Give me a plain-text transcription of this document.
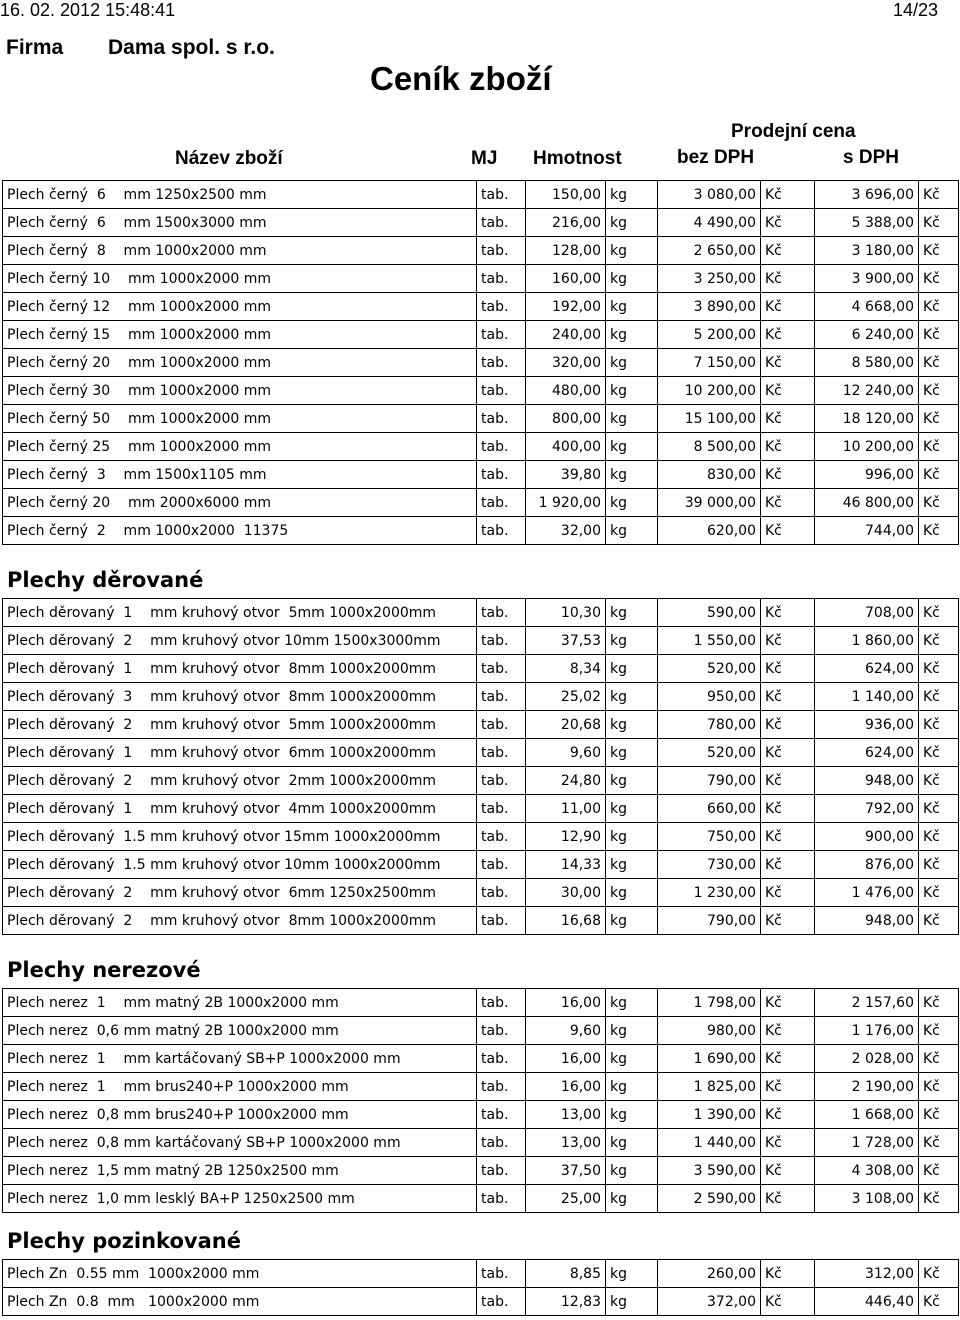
16. 02. 2012 15:48:41	14/23
Firma Dama spol. s r.o.
Ceník zboží
Název zboží	MJ Hmotnost
Prodejní cena
bez DPH	s DPH
Plech černý  6    mm 1250x2500 mm	tab.	150,00	kg	3 080,00	Kč	3 696,00	Kč
Plech černý  6    mm 1500x3000 mm	tab.	216,00	kg	4 490,00	Kč	5 388,00	Kč
Plech černý  8    mm 1000x2000 mm	tab.	128,00	kg	2 650,00	Kč	3 180,00	Kč
Plech černý 10    mm 1000x2000 mm	tab.	160,00	kg	3 250,00	Kč	3 900,00	Kč
Plech černý 12    mm 1000x2000 mm	tab.	192,00	kg	3 890,00	Kč	4 668,00	Kč
Plech černý 15    mm 1000x2000 mm	tab.	240,00	kg	5 200,00	Kč	6 240,00	Kč
Plech černý 20    mm 1000x2000 mm	tab.	320,00	kg	7 150,00	Kč	8 580,00	Kč
Plech černý 30    mm 1000x2000 mm	tab.	480,00	kg	10 200,00	Kč	12 240,00	Kč
Plech černý 50    mm 1000x2000 mm	tab.	800,00	kg	15 100,00	Kč	18 120,00	Kč
Plech černý 25    mm 1000x2000 mm	tab.	400,00	kg	8 500,00	Kč	10 200,00	Kč
Plech černý  3    mm 1500x1105 mm	tab.	39,80	kg	830,00	Kč	996,00	Kč
Plech černý 20    mm 2000x6000 mm	tab.	1 920,00	kg	39 000,00	Kč	46 800,00	Kč
Plech černý  2    mm 1000x2000  11375	tab.	32,00	kg	620,00	Kč	744,00	Kč
Plechy děrované
Plech děrovaný  1    mm kruhový otvor  5mm 1000x2000mm	tab.	10,30	kg	590,00	Kč	708,00	Kč
Plech děrovaný  2    mm kruhový otvor 10mm 1500x3000mm	tab.	37,53	kg	1 550,00	Kč	1 860,00	Kč
Plech děrovaný  1    mm kruhový otvor  8mm 1000x2000mm	tab.	8,34	kg	520,00	Kč	624,00	Kč
Plech děrovaný  3    mm kruhový otvor  8mm 1000x2000mm	tab.	25,02	kg	950,00	Kč	1 140,00	Kč
Plech děrovaný  2    mm kruhový otvor  5mm 1000x2000mm	tab.	20,68	kg	780,00	Kč	936,00	Kč
Plech děrovaný  1    mm kruhový otvor  6mm 1000x2000mm	tab.	9,60	kg	520,00	Kč	624,00	Kč
Plech děrovaný  2    mm kruhový otvor  2mm 1000x2000mm	tab.	24,80	kg	790,00	Kč	948,00	Kč
Plech děrovaný  1    mm kruhový otvor  4mm 1000x2000mm	tab.	11,00	kg	660,00	Kč	792,00	Kč
Plech děrovaný  1.5 mm kruhový otvor 15mm 1000x2000mm	tab.	12,90	kg	750,00	Kč	900,00	Kč
Plech děrovaný  1.5 mm kruhový otvor 10mm 1000x2000mm	tab.	14,33	kg	730,00	Kč	876,00	Kč
Plech děrovaný  2    mm kruhový otvor  6mm 1250x2500mm	tab.	30,00	kg	1 230,00	Kč	1 476,00	Kč
Plech děrovaný  2    mm kruhový otvor  8mm 1000x2000mm	tab.	16,68	kg	790,00	Kč	948,00	Kč
Plechy nerezové
Plech nerez  1    mm matný 2B 1000x2000 mm	tab.	16,00	kg	1 798,00	Kč	2 157,60	Kč
Plech nerez  0,6 mm matný 2B 1000x2000 mm	tab.	9,60	kg	980,00	Kč	1 176,00	Kč
Plech nerez  1    mm kartáčovaný SB+P 1000x2000 mm	tab.	16,00	kg	1 690,00	Kč	2 028,00	Kč
Plech nerez  1    mm brus240+P 1000x2000 mm	tab.	16,00	kg	1 825,00	Kč	2 190,00	Kč
Plech nerez  0,8 mm brus240+P 1000x2000 mm	tab.	13,00	kg	1 390,00	Kč	1 668,00	Kč
Plech nerez  0,8 mm kartáčovaný SB+P 1000x2000 mm	tab.	13,00	kg	1 440,00	Kč	1 728,00	Kč
Plech nerez  1,5 mm matný 2B 1250x2500 mm	tab.	37,50	kg	3 590,00	Kč	4 308,00	Kč
Plech nerez  1,0 mm lesklý BA+P 1250x2500 mm	tab.	25,00	kg	2 590,00	Kč	3 108,00	Kč
Plechy pozinkované
Plech Zn  0.55 mm  1000x2000 mm	tab.	8,85	kg	260,00	Kč	312,00	Kč
Plech Zn  0.8  mm   1000x2000 mm	tab.	12,83	kg	372,00	Kč	446,40	Kč
